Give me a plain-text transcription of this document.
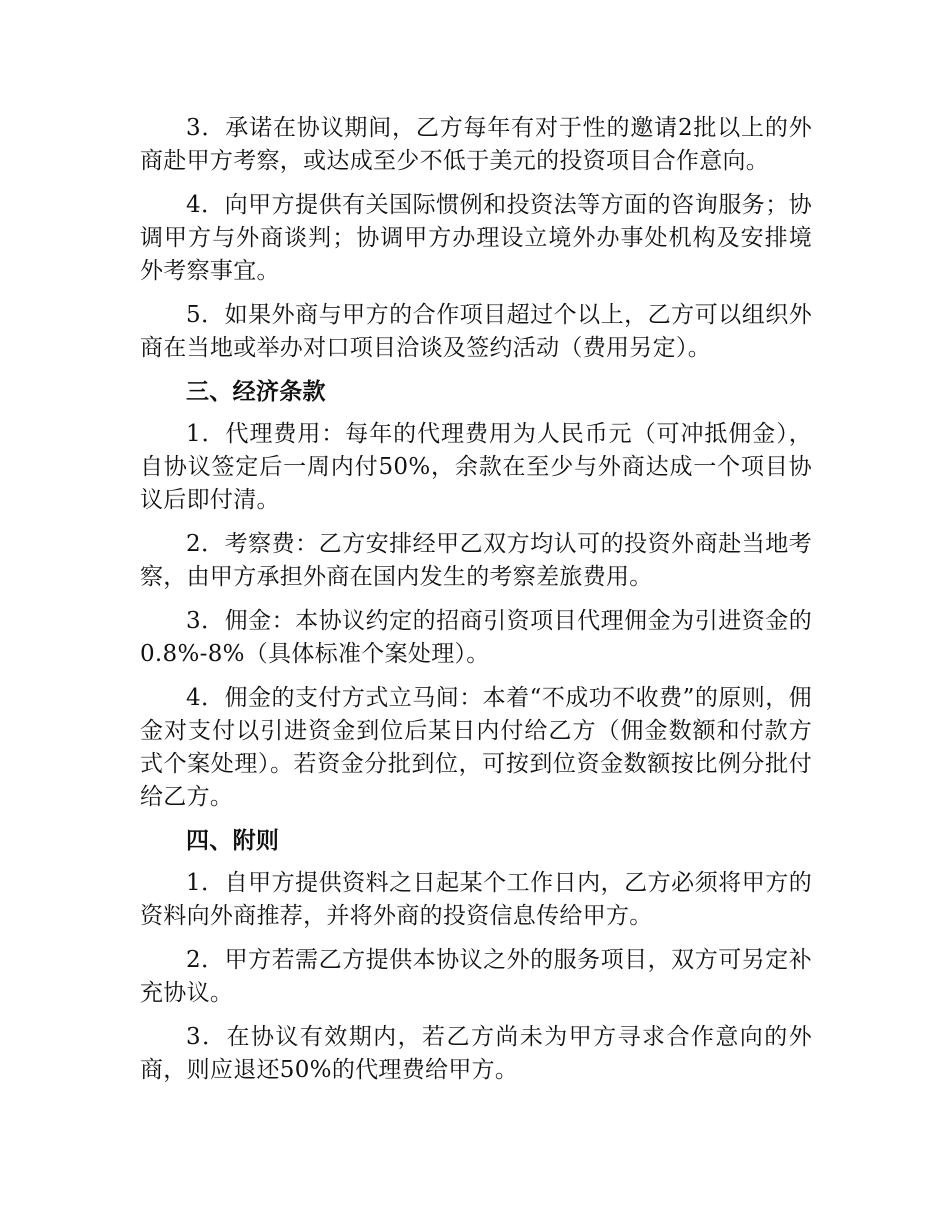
3．承诺在协议期间，乙方每年有对于性的邀请2批以上的外商赴甲方考察，或达成至少不低于美元的投资项目合作意向。

4．向甲方提供有关国际惯例和投资法等方面的咨询服务；协调甲方与外商谈判；协调甲方办理设立境外办事处机构及安排境外考察事宜。

5．如果外商与甲方的合作项目超过个以上，乙方可以组织外商在当地或举办对口项目洽谈及签约活动（费用另定）。

三、经济条款

1．代理费用：每年的代理费用为人民币元（可冲抵佣金），自协议签定后一周内付50%，余款在至少与外商达成一个项目协议后即付清。

2．考察费：乙方安排经甲乙双方均认可的投资外商赴当地考察，由甲方承担外商在国内发生的考察差旅费用。

3．佣金：本协议约定的招商引资项目代理佣金为引进资金的0.8%-8%（具体标准个案处理）。

4．佣金的支付方式立马间：本着“不成功不收费”的原则，佣金对支付以引进资金到位后某日内付给乙方（佣金数额和付款方式个案处理）。若资金分批到位，可按到位资金数额按比例分批付给乙方。

四、附则

1．自甲方提供资料之日起某个工作日内，乙方必须将甲方的资料向外商推荐，并将外商的投资信息传给甲方。

2．甲方若需乙方提供本协议之外的服务项目，双方可另定补充协议。

3．在协议有效期内，若乙方尚未为甲方寻求合作意向的外商，则应退还50%的代理费给甲方。
